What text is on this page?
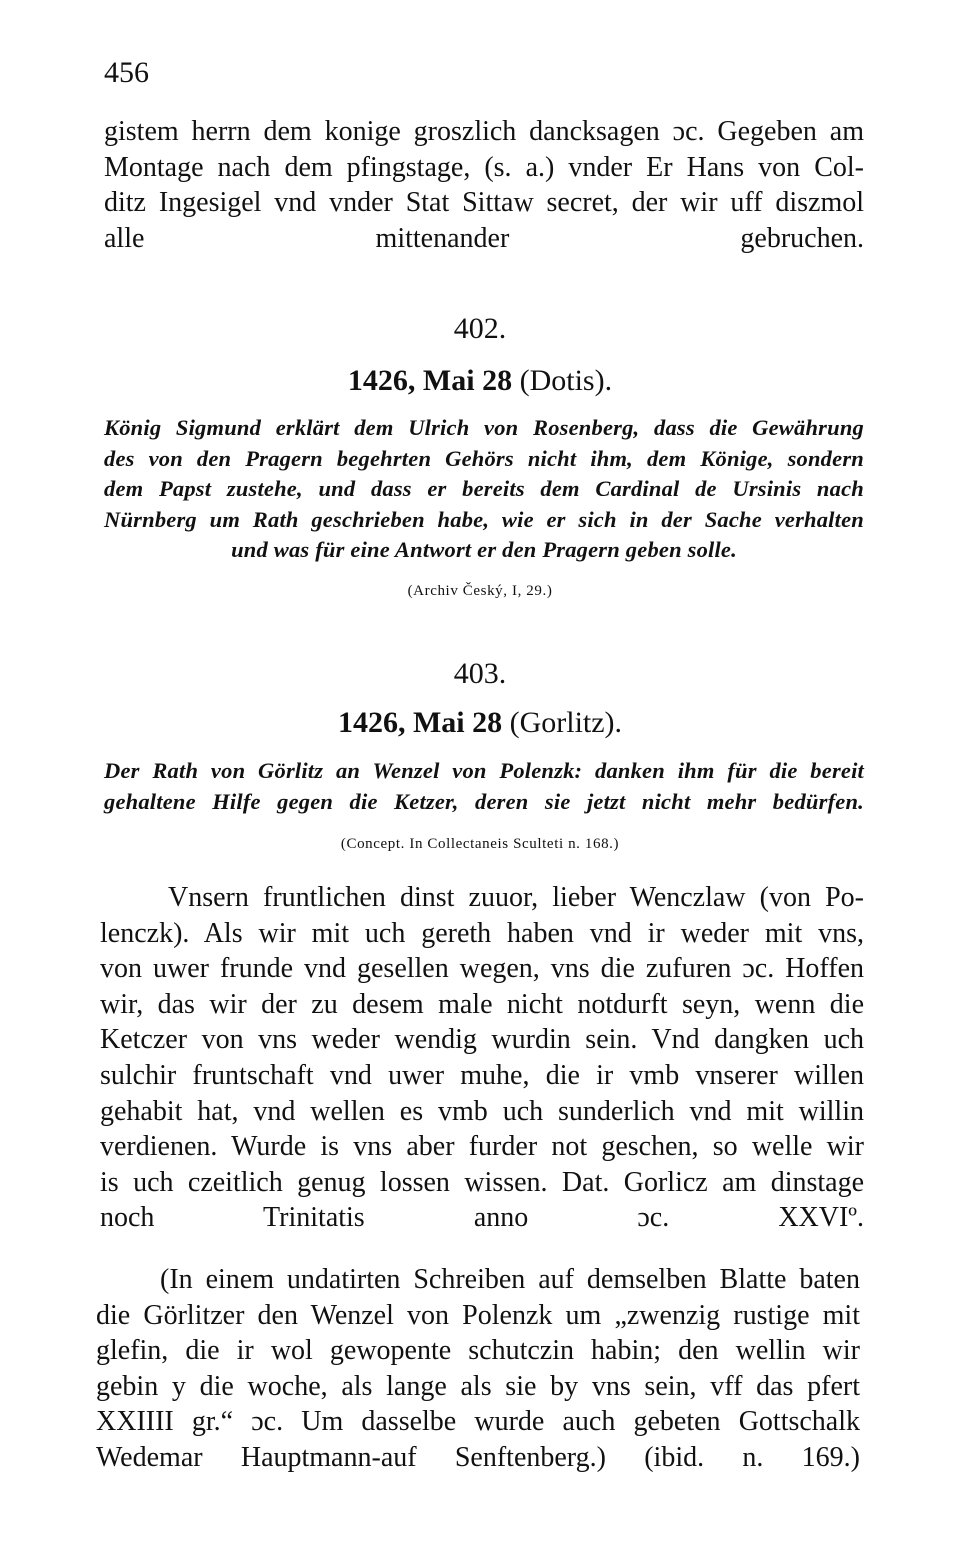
456
gistem herrn dem konige groszlich dancksagen ɔc. Gegeben am
Montage nach dem pfingstage, (s. a.) vnder Er Hans von Col-
ditz Ingesigel vnd vnder Stat Sittaw secret, der wir uff diszmol
alle mittenander gebruchen.
402.
1426, Mai 28 (Dotis).
König Sigmund erklärt dem Ulrich von Rosenberg, dass die Gewährung
des von den Pragern begehrten Gehörs nicht ihm, dem Könige, sondern
dem Papst zustehe, und dass er bereits dem Cardinal de Ursinis nach
Nürnberg um Rath geschrieben habe, wie er sich in der Sache verhalten
und was für eine Antwort er den Pragern geben solle.
(Archiv Český, I, 29.)
403.
1426, Mai 28 (Gorlitz).
Der Rath von Görlitz an Wenzel von Polenzk: danken ihm für die bereit
gehaltene Hilfe gegen die Ketzer, deren sie jetzt nicht mehr bedürfen.
(Concept. In Collectaneis Sculteti n. 168.)
Vnsern fruntlichen dinst zuuor, lieber Wenczlaw (von Po-
lenczk). Als wir mit uch gereth haben vnd ir weder mit vns,
von uwer frunde vnd gesellen wegen, vns die zufuren ɔc. Hoffen
wir, das wir der zu desem male nicht notdurft seyn, wenn die
Ketczer von vns weder wendig wurdin sein. Vnd dangken uch
sulchir fruntschaft vnd uwer muhe, die ir vmb vnserer willen
gehabit hat, vnd wellen es vmb uch sunderlich vnd mit willin
verdienen. Wurde is vns aber furder not geschen, so welle wir
is uch czeitlich genug lossen wissen. Dat. Gorlicz am dinstage
noch Trinitatis anno ɔc. XXVIº.
(In einem undatirten Schreiben auf demselben Blatte baten
die Görlitzer den Wenzel von Polenzk um „zwenzig rustige mit
glefin, die ir wol gewopente schutczin habin; den wellin wir
gebin y die woche, als lange als sie by vns sein, vff das pfert
XXIIII gr.“ ɔc. Um dasselbe wurde auch gebeten Gottschalk
Wedemar Hauptmann-auf Senftenberg.) (ibid. n. 169.)
